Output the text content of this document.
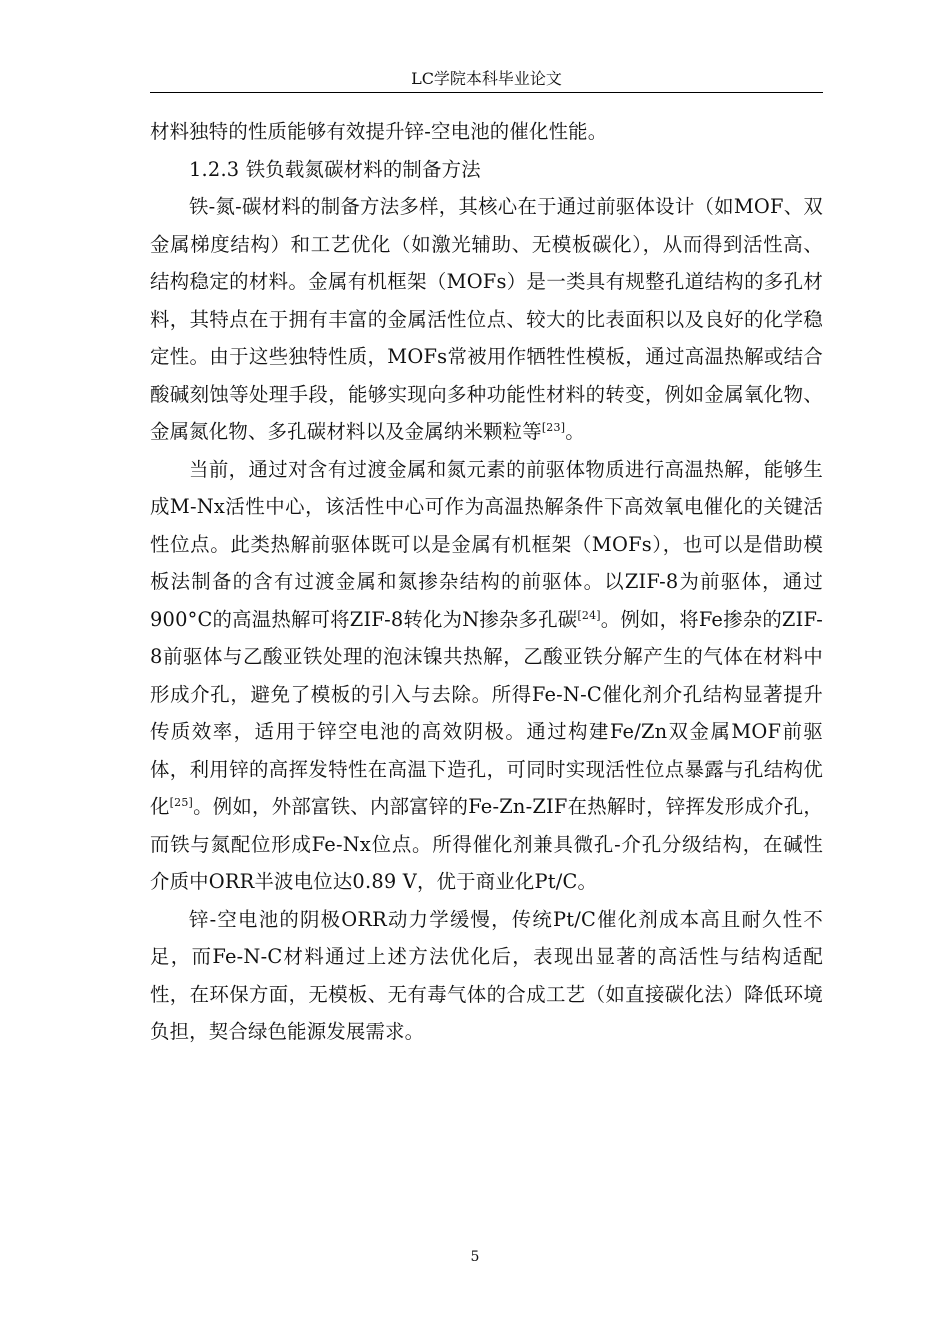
LC学院本科毕业论文

材料独特的性质能够有效提升锌-空电池的催化性能。

1.2.3 铁负载氮碳材料的制备方法

铁-氮-碳材料的制备方法多样，其核心在于通过前驱体设计（如MOF、双金属梯度结构）和工艺优化（如激光辅助、无模板碳化），从而得到活性高、结构稳定的材料。金属有机框架（MOFs）是一类具有规整孔道结构的多孔材料，其特点在于拥有丰富的金属活性位点、较大的比表面积以及良好的化学稳定性。由于这些独特性质，MOFs常被用作牺牲性模板，通过高温热解或结合酸碱刻蚀等处理手段，能够实现向多种功能性材料的转变，例如金属氧化物、金属氮化物、多孔碳材料以及金属纳米颗粒等[23]。

当前，通过对含有过渡金属和氮元素的前驱体物质进行高温热解，能够生成M-Nx活性中心，该活性中心可作为高温热解条件下高效氧电催化的关键活性位点。此类热解前驱体既可以是金属有机框架（MOFs），也可以是借助模板法制备的含有过渡金属和氮掺杂结构的前驱体。以ZIF-8为前驱体，通过900°C的高温热解可将ZIF-8转化为N掺杂多孔碳[24]。例如，将Fe掺杂的ZIF-8前驱体与乙酸亚铁处理的泡沫镍共热解，乙酸亚铁分解产生的气体在材料中形成介孔，避免了模板的引入与去除。所得Fe-N-C催化剂介孔结构显著提升传质效率，适用于锌空电池的高效阴极。通过构建Fe/Zn双金属MOF前驱体，利用锌的高挥发特性在高温下造孔，可同时实现活性位点暴露与孔结构优化[25]。例如，外部富铁、内部富锌的Fe-Zn-ZIF在热解时，锌挥发形成介孔，而铁与氮配位形成Fe-Nx位点。所得催化剂兼具微孔-介孔分级结构，在碱性介质中ORR半波电位达0.89 V，优于商业化Pt/C。

锌-空电池的阴极ORR动力学缓慢，传统Pt/C催化剂成本高且耐久性不足，而Fe-N-C材料通过上述方法优化后，表现出显著的高活性与结构适配性，在环保方面，无模板、无有毒气体的合成工艺（如直接碳化法）降低环境负担，契合绿色能源发展需求。

5
